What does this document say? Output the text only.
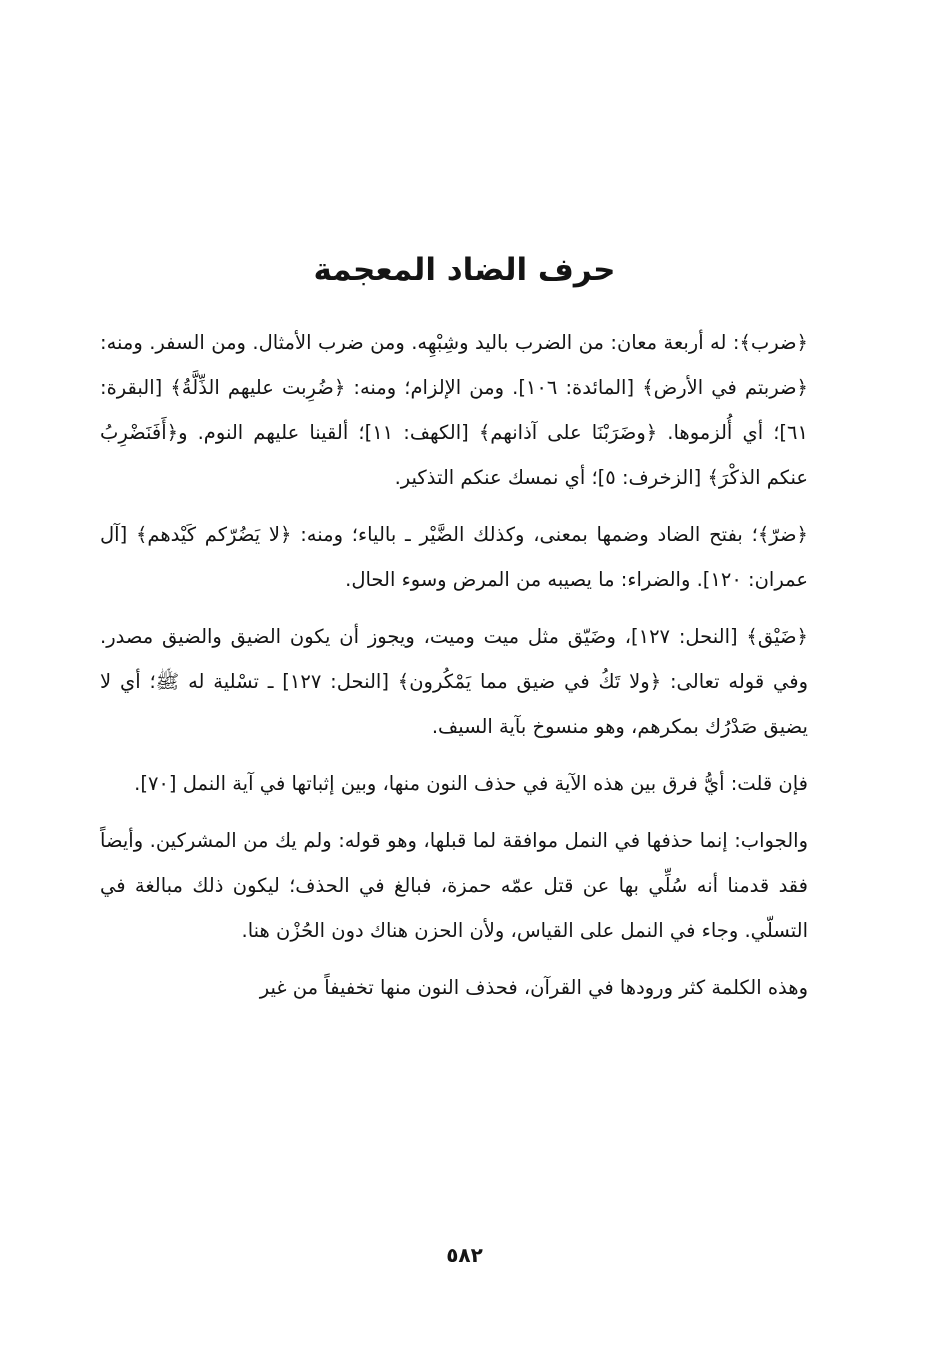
حرف الضاد المعجمة

﴿ضرب﴾: له أربعة معان: من الضرب باليد وشِبْهِه. ومن ضرب الأمثال. ومن السفر. ومنه: ﴿ضربتم في الأرض﴾ [المائدة: ١٠٦]. ومن الإلزام؛ ومنه: ﴿ضُرِبت عليهم الذِّلَّةُ﴾ [البقرة: ٦١]؛ أي أُلزموها. ﴿وضَرَبْنَا على آذانهم﴾ [الكهف: ١١]؛ ألقينا عليهم النوم. و﴿أَفَنَضْرِبُ عنكم الذكْرَ﴾ [الزخرف: ٥]؛ أي نمسك عنكم التذكير.

﴿ضرّ﴾؛ بفتح الضاد وضمها بمعنى، وكذلك الضَّيْر ـ بالياء؛ ومنه: ﴿لا يَضُرّكم كَيْدهم﴾ [آل عمران: ١٢٠]. والضراء: ما يصيبه من المرض وسوء الحال.

﴿ضَيْق﴾ [النحل: ١٢٧]، وضَيّق مثل ميت وميت، ويجوز أن يكون الضيق والضيق مصدر. وفي قوله تعالى: ﴿ولا تَكُ في ضيق مما يَمْكُرون﴾ [النحل: ١٢٧] ـ تسْلية له ﷺ؛ أي لا يضيق صَدْرُك بمكرهم، وهو منسوخ بآية السيف.

فإن قلت: أيُّ فرق بين هذه الآية في حذف النون منها، وبين إثباتها في آية النمل [٧٠].

والجواب: إنما حذفها في النمل موافقة لما قبلها، وهو قوله: ولم يك من المشركين. وأيضاً فقد قدمنا أنه سُلِّي بها عن قتل عمّه حمزة، فبالغ في الحذف؛ ليكون ذلك مبالغة في التسلّي. وجاء في النمل على القياس، ولأن الحزن هناك دون الحُزْن هنا.

وهذه الكلمة كثر ورودها في القرآن، فحذف النون منها تخفيفاً من غير

٥٨٢
